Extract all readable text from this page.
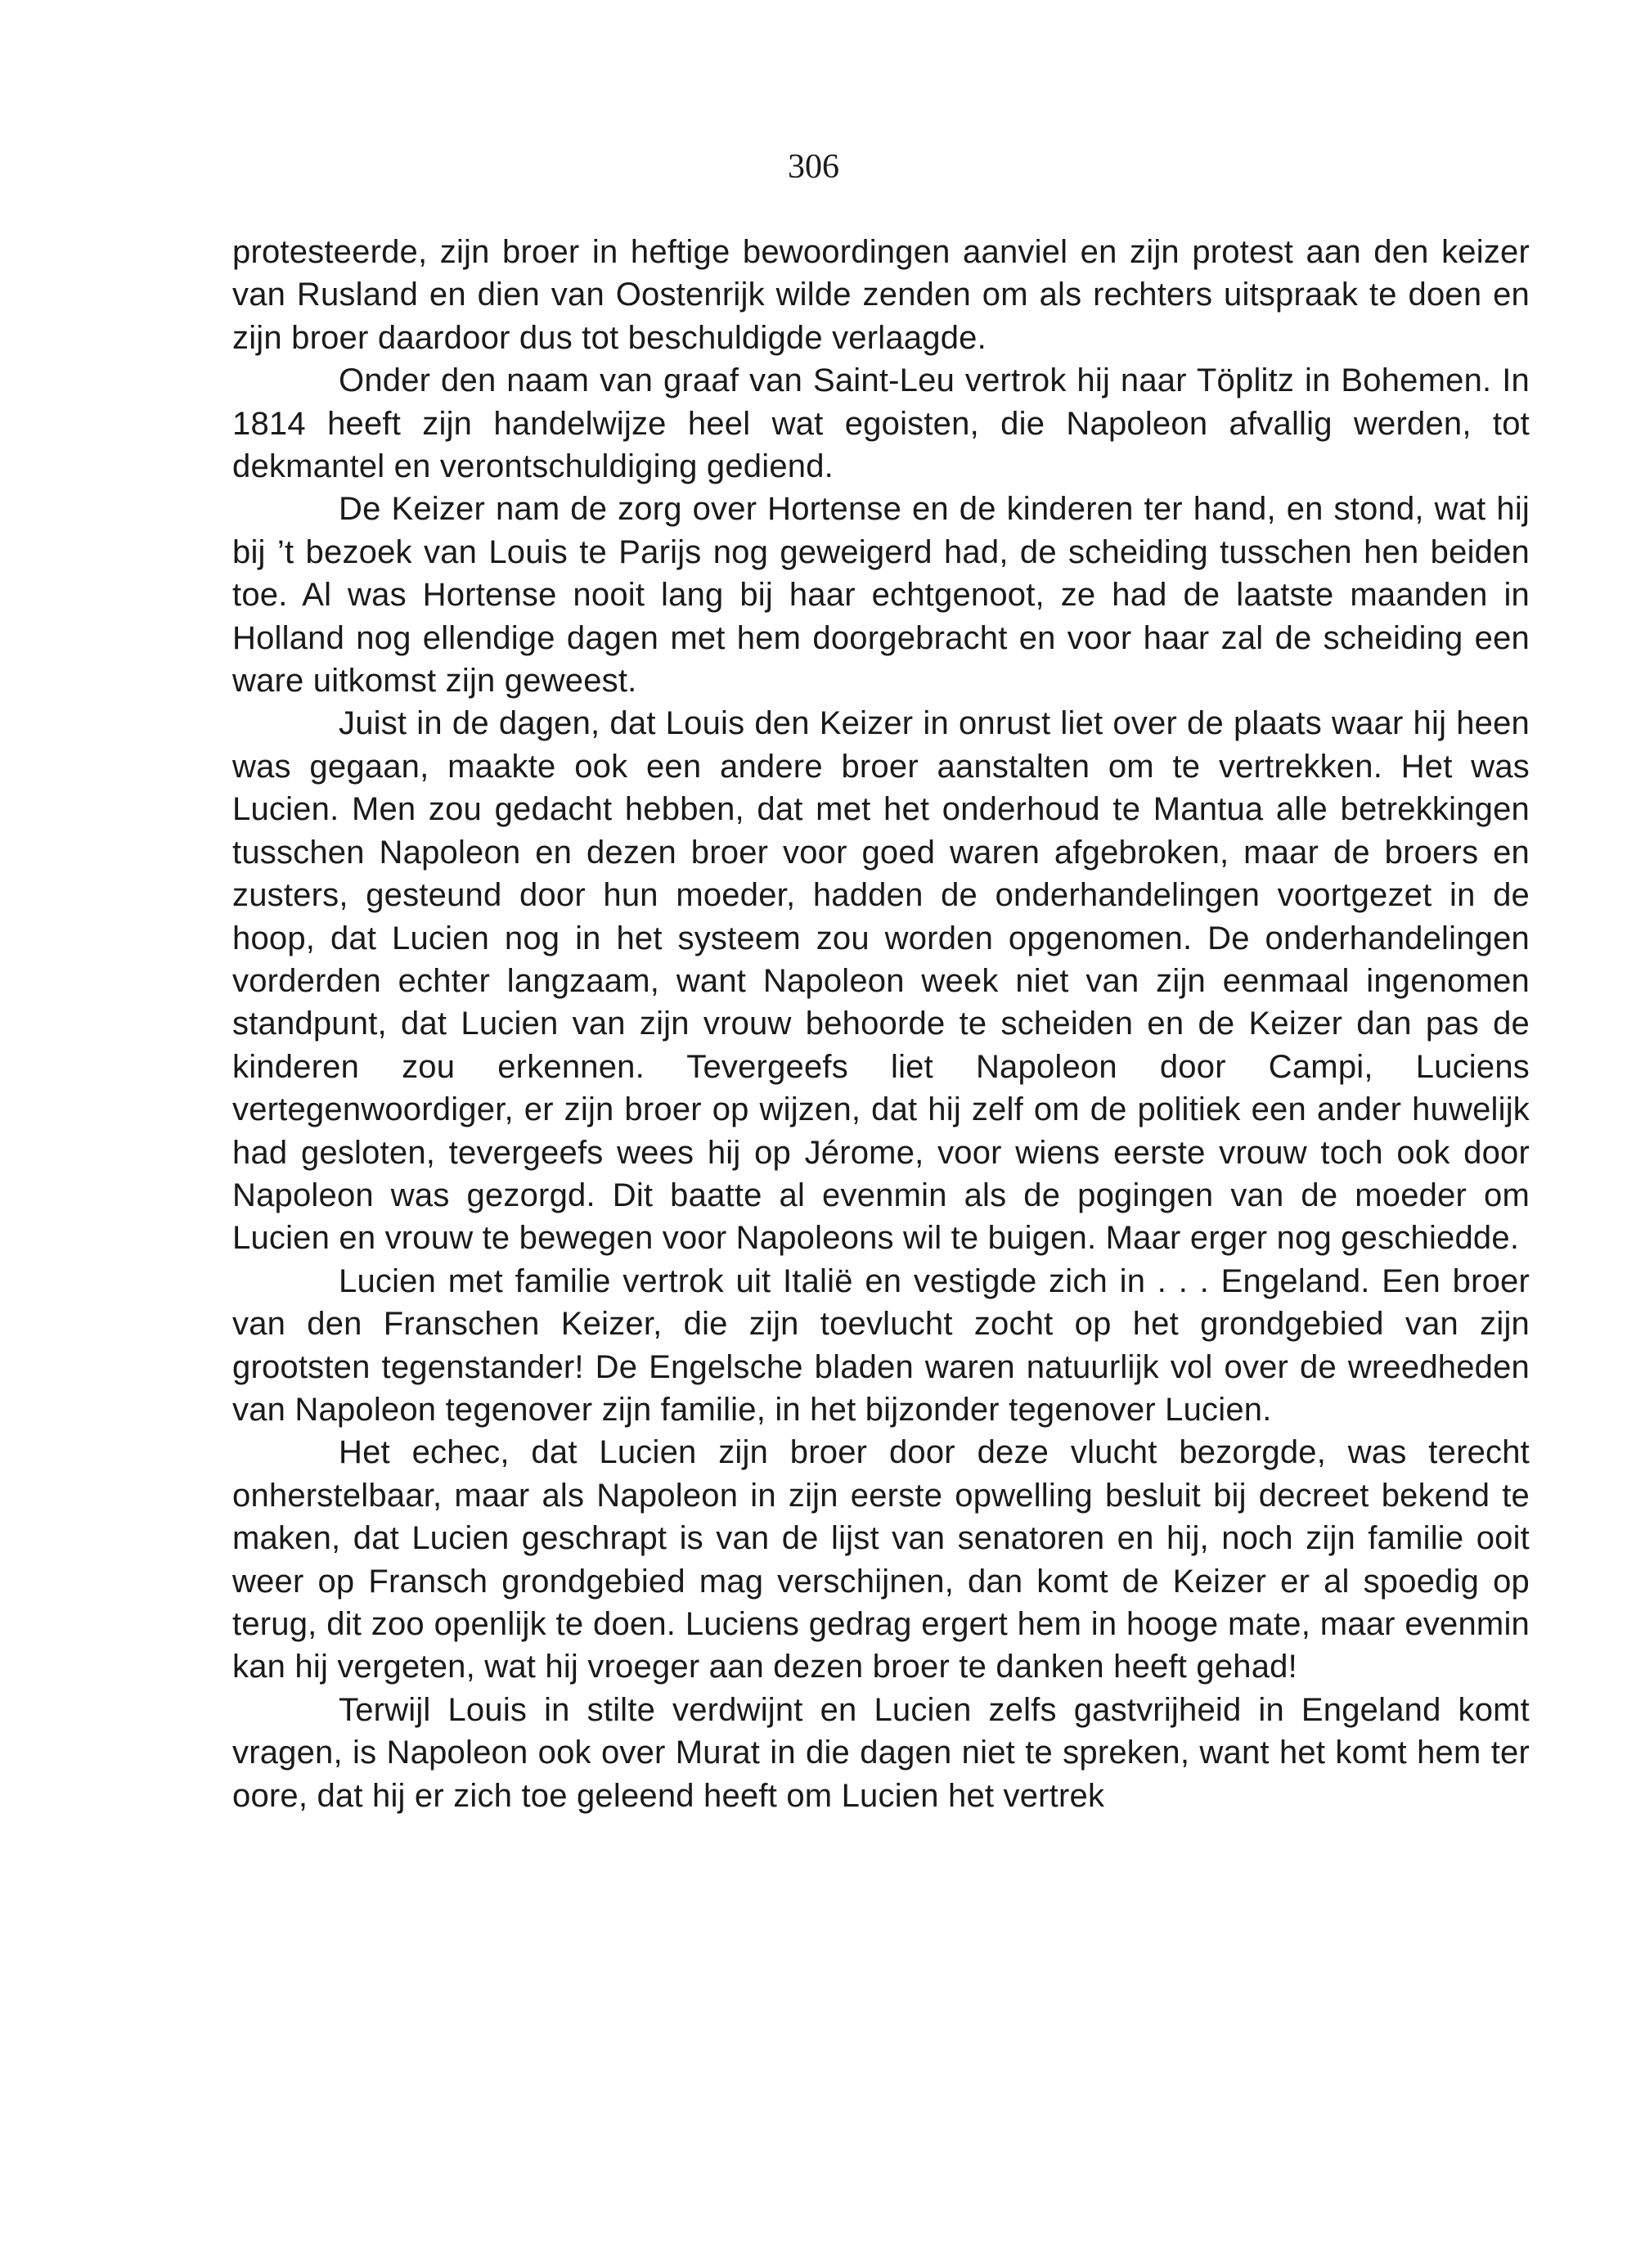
306

protesteerde, zijn broer in heftige bewoordingen aanviel en zijn protest aan den keizer van Rusland en dien van Oostenrijk wilde zenden om als rechters uitspraak te doen en zijn broer daardoor dus tot beschuldigde verlaagde.

Onder den naam van graaf van Saint-Leu vertrok hij naar Töplitz in Bohemen. In 1814 heeft zijn handelwijze heel wat egoisten, die Napoleon afvallig werden, tot dekmantel en verontschuldiging gediend.

De Keizer nam de zorg over Hortense en de kinderen ter hand, en stond, wat hij bij ’t bezoek van Louis te Parijs nog geweigerd had, de scheiding tusschen hen beiden toe. Al was Hortense nooit lang bij haar echtgenoot, ze had de laatste maanden in Holland nog ellendige dagen met hem doorgebracht en voor haar zal de scheiding een ware uitkomst zijn geweest.

Juist in de dagen, dat Louis den Keizer in onrust liet over de plaats waar hij heen was gegaan, maakte ook een andere broer aanstalten om te vertrekken. Het was Lucien. Men zou gedacht hebben, dat met het onderhoud te Mantua alle betrekkingen tusschen Napoleon en dezen broer voor goed waren afgebroken, maar de broers en zusters, gesteund door hun moeder, hadden de onderhandelingen voortgezet in de hoop, dat Lucien nog in het systeem zou worden opgenomen. De onderhandelingen vorderden echter langzaam, want Napoleon week niet van zijn eenmaal ingenomen standpunt, dat Lucien van zijn vrouw behoorde te scheiden en de Keizer dan pas de kinderen zou erkennen. Tevergeefs liet Napoleon door Campi, Luciens vertegenwoordiger, er zijn broer op wijzen, dat hij zelf om de politiek een ander huwelijk had gesloten, tevergeefs wees hij op Jérome, voor wiens eerste vrouw toch ook door Napoleon was gezorgd. Dit baatte al evenmin als de pogingen van de moeder om Lucien en vrouw te bewegen voor Napoleons wil te buigen. Maar erger nog geschiedde.

Lucien met familie vertrok uit Italië en vestigde zich in . . . Engeland. Een broer van den Franschen Keizer, die zijn toevlucht zocht op het grondgebied van zijn grootsten tegenstander! De Engelsche bladen waren natuurlijk vol over de wreedheden van Napoleon tegenover zijn familie, in het bijzonder tegenover Lucien.

Het echec, dat Lucien zijn broer door deze vlucht bezorgde, was terecht onherstelbaar, maar als Napoleon in zijn eerste opwelling besluit bij decreet bekend te maken, dat Lucien geschrapt is van de lijst van senatoren en hij, noch zijn familie ooit weer op Fransch grondgebied mag verschijnen, dan komt de Keizer er al spoedig op terug, dit zoo openlijk te doen. Luciens gedrag ergert hem in hooge mate, maar evenmin kan hij vergeten, wat hij vroeger aan dezen broer te danken heeft gehad!

Terwijl Louis in stilte verdwijnt en Lucien zelfs gastvrijheid in Engeland komt vragen, is Napoleon ook over Murat in die dagen niet te spreken, want het komt hem ter oore, dat hij er zich toe geleend heeft om Lucien het vertrek
